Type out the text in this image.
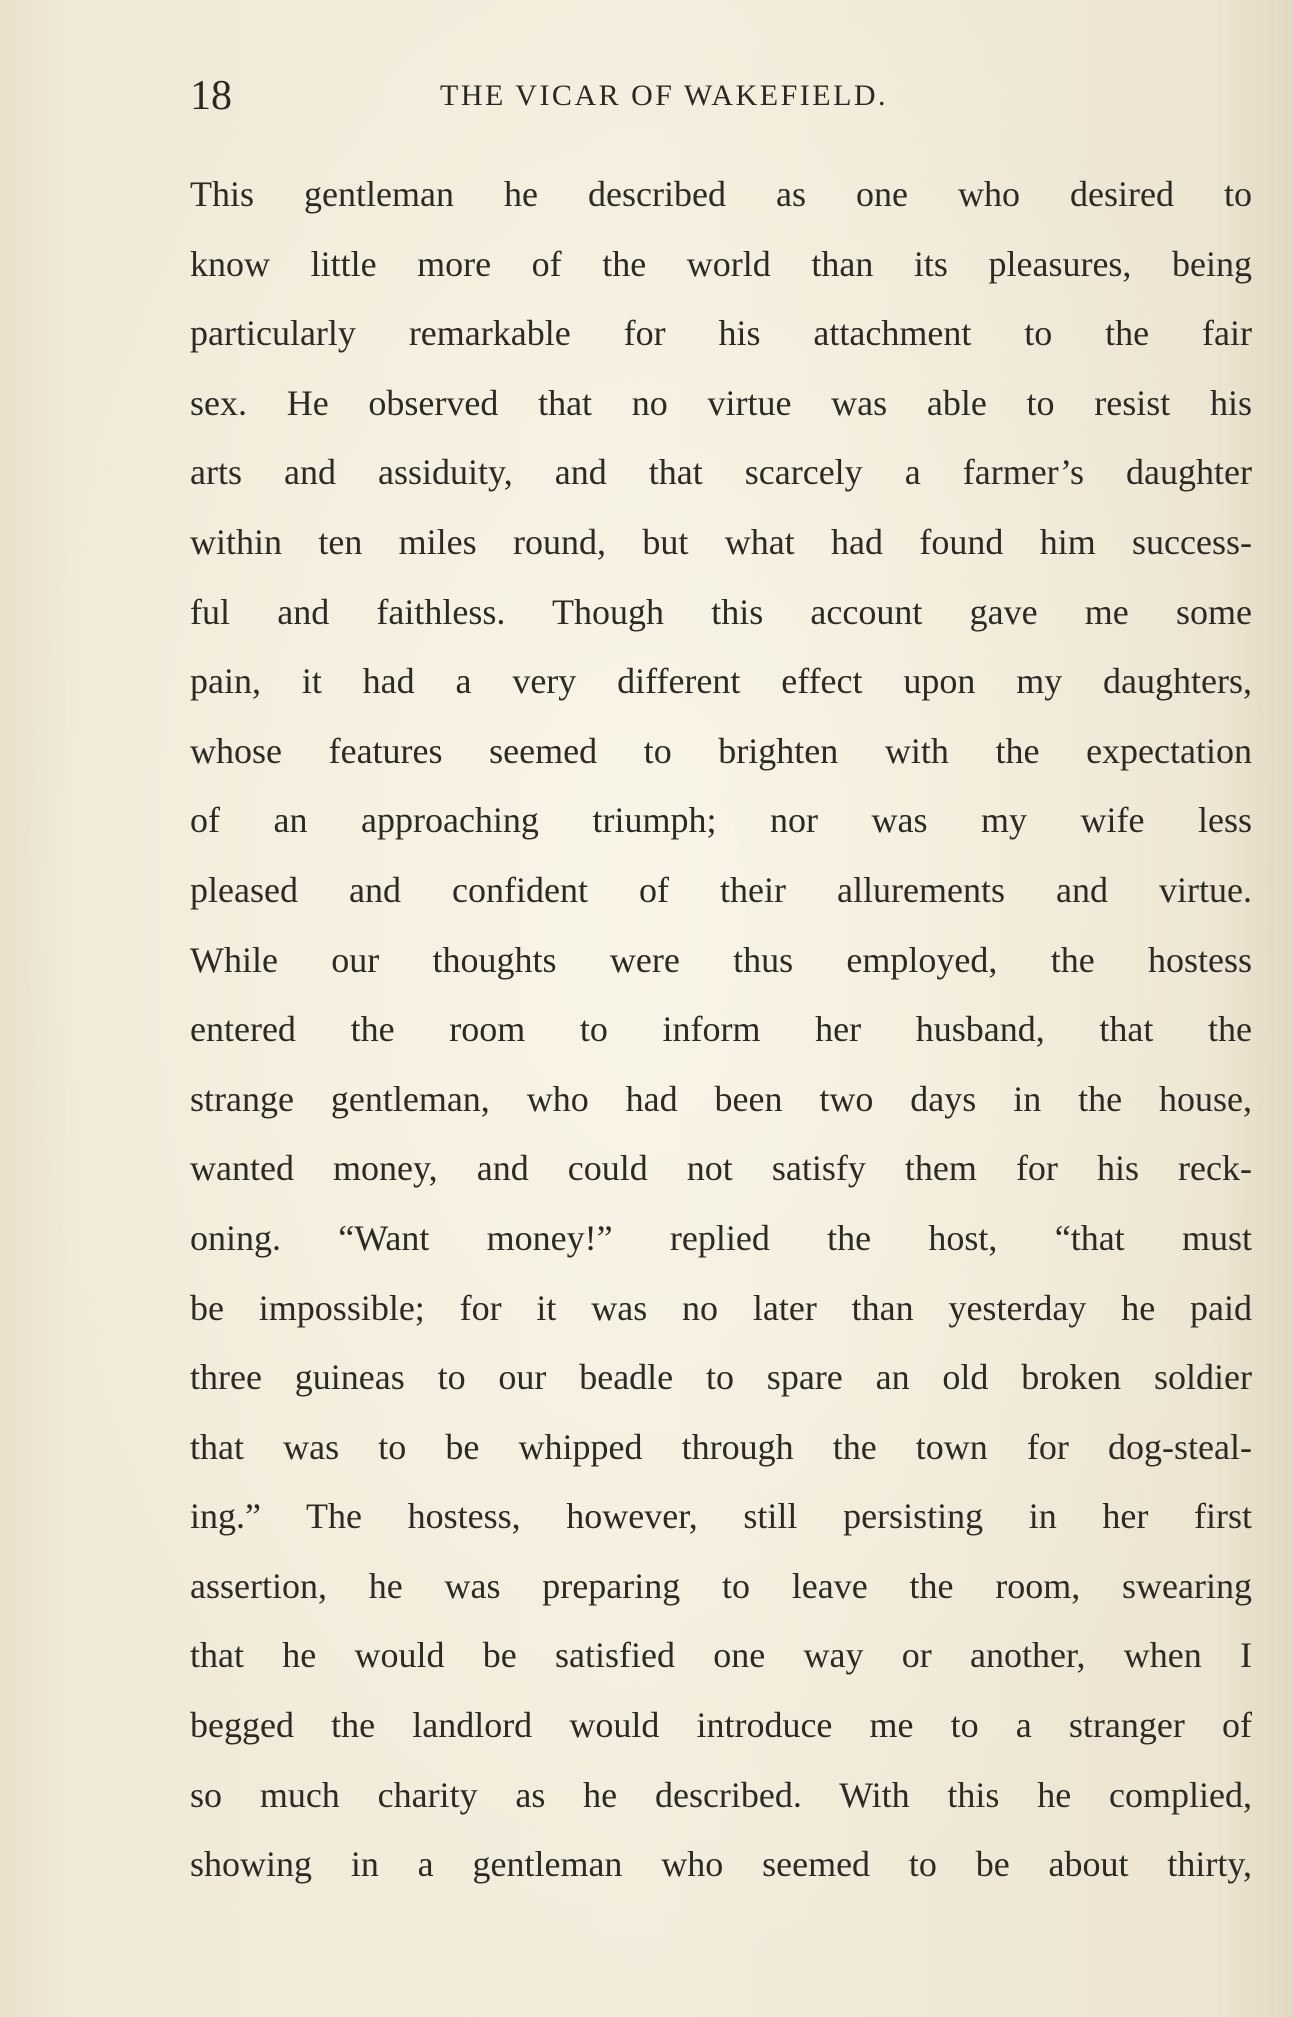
18	THE VICAR OF WAKEFIELD.
This gentleman he described as one who desired to
know little more of the world than its pleasures, being
particularly remarkable for his attachment to the fair
sex. He observed that no virtue was able to resist his
arts and assiduity, and that scarcely a farmer’s daughter
within ten miles round, but what had found him success-
ful and faithless. Though this account gave me some
pain, it had a very different effect upon my daughters,
whose features seemed to brighten with the expectation
of an approaching triumph; nor was my wife less
pleased and confident of their allurements and virtue.
While our thoughts were thus employed, the hostess
entered the room to inform her husband, that the
strange gentleman, who had been two days in the house,
wanted money, and could not satisfy them for his reck-
oning. “Want money!” replied the host, “that must
be impossible; for it was no later than yesterday he paid
three guineas to our beadle to spare an old broken soldier
that was to be whipped through the town for dog-steal-
ing.” The hostess, however, still persisting in her first
assertion, he was preparing to leave the room, swearing
that he would be satisfied one way or another, when I
begged the landlord would introduce me to a stranger of
so much charity as he described. With this he complied,
showing in a gentleman who seemed to be about thirty,
